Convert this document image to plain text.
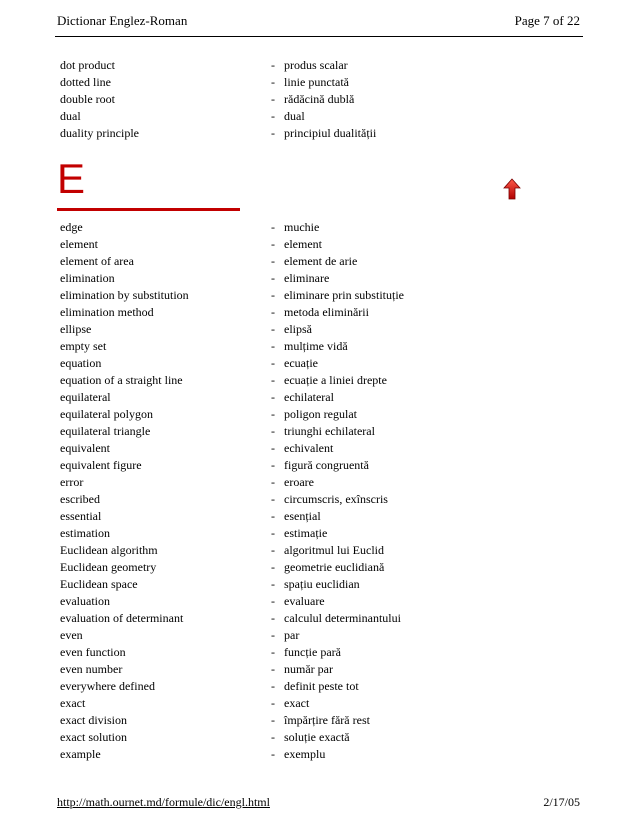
Dictionar Englez-Roman	Page 7 of 22
dot product	- produs scalar
dotted line	- linie punctată
double root	- rădăcină dublă
dual	- dual
duality principle	- principiul dualității
E
edge	- muchie
element	- element
element of area	- element de arie
elimination	- eliminare
elimination by substitution	- eliminare prin substituție
elimination method	- metoda eliminării
ellipse	- elipsă
empty set	- mulțime vidă
equation	- ecuație
equation of a straight line	- ecuație a liniei drepte
equilateral	- echilateral
equilateral polygon	- poligon regulat
equilateral triangle	- triunghi echilateral
equivalent	- echivalent
equivalent figure	- figură congruentă
error	- eroare
escribed	- circumscris, exînscris
essential	- esențial
estimation	- estimație
Euclidean algorithm	- algoritmul lui Euclid
Euclidean geometry	- geometrie euclidiană
Euclidean space	- spațiu euclidian
evaluation	- evaluare
evaluation of determinant	- calculul determinantului
even	- par
even function	- funcție pară
even number	- număr par
everywhere defined	- definit peste tot
exact	- exact
exact division	- împărțire fără rest
exact solution	- soluție exactă
example	- exemplu
http://math.ournet.md/formule/dic/engl.html	2/17/05
